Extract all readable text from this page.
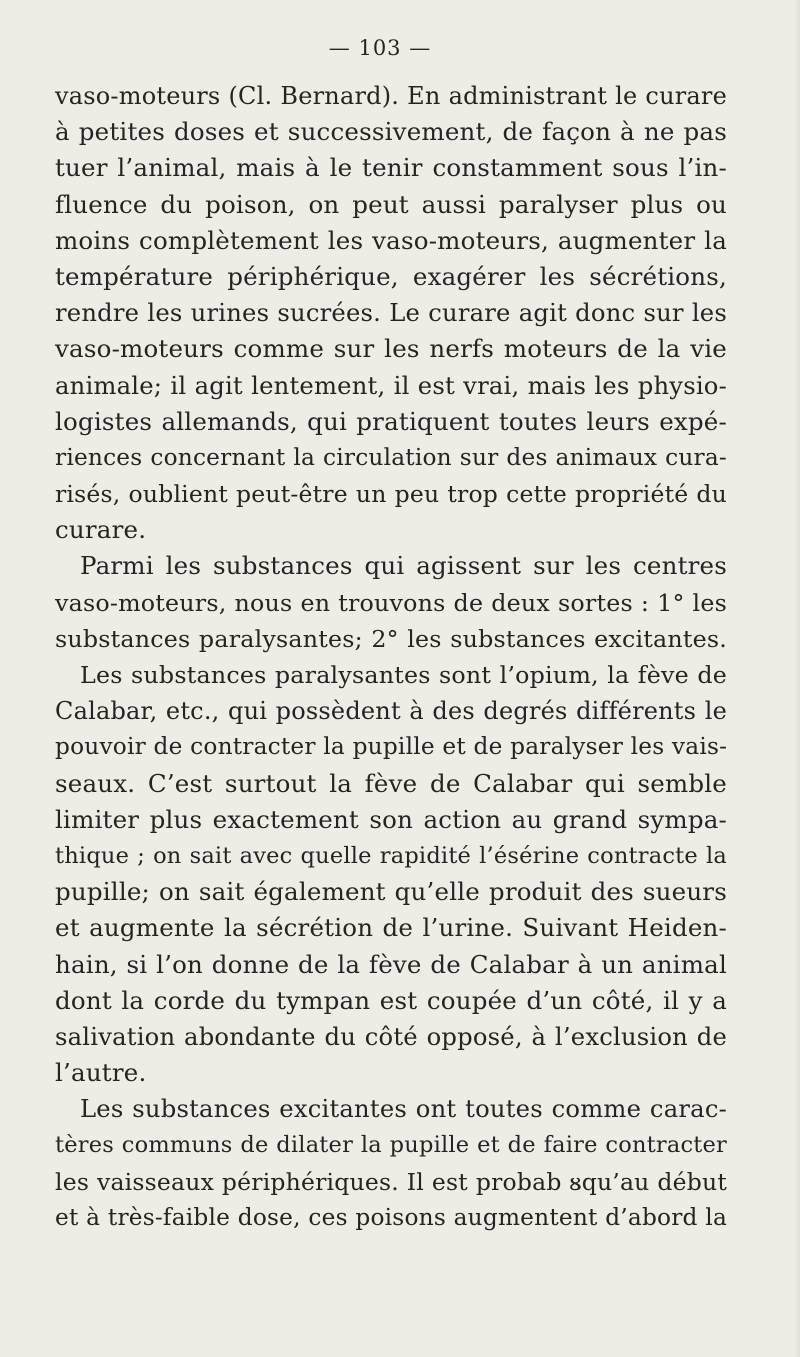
— 103 —
vaso-moteurs (Cl. Bernard). En administrant le curare
à petites doses et successivement, de façon à ne pas
tuer l’animal, mais à le tenir constamment sous l’in-
fluence du poison, on peut aussi paralyser plus ou
moins complètement les vaso-moteurs, augmenter la
température périphérique, exagérer les sécrétions,
rendre les urines sucrées. Le curare agit donc sur les
vaso-moteurs comme sur les nerfs moteurs de la vie
animale; il agit lentement, il est vrai, mais les physio-
logistes allemands, qui pratiquent toutes leurs expé-
riences concernant la circulation sur des animaux cura-
risés, oublient peut-être un peu trop cette propriété du
curare.
Parmi les substances qui agissent sur les centres
vaso-moteurs, nous en trouvons de deux sortes : 1° les
substances paralysantes; 2° les substances excitantes.
Les substances paralysantes sont l’opium, la fève de
Calabar, etc., qui possèdent à des degrés différents le
pouvoir de contracter la pupille et de paralyser les vais-
seaux. C’est surtout la fève de Calabar qui semble
limiter plus exactement son action au grand sympa-
thique ; on sait avec quelle rapidité l’ésérine contracte la
pupille; on sait également qu’elle produit des sueurs
et augmente la sécrétion de l’urine. Suivant Heiden-
hain, si l’on donne de la fève de Calabar à un animal
dont la corde du tympan est coupée d’un côté, il y a
salivation abondante du côté opposé, à l’exclusion de
l’autre.
Les substances excitantes ont toutes comme carac-
tères communs de dilater la pupille et de faire contracter
les vaisseaux périphériques. Il est probab ᴕqu’au début
et à très-faible dose, ces poisons augmentent d’abord la
